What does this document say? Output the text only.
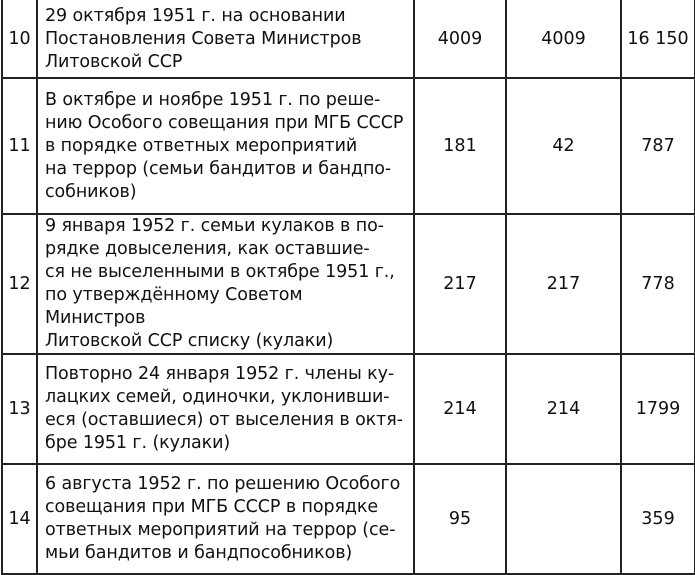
10	29 октября 1951 г. на основании
Постановления Совета Министров
Литовской ССР	4009	4009	16 150
11	В октябре и ноябре 1951 г. по реше-
нию Особого совещания при МГБ СССР
в порядке ответных мероприятий
на террор (семьи бандитов и бандпо-
собников)	181	42	787
12	9 января 1952 г. семьи кулаков в по-
рядке довыселения, как оставшие-
ся не выселенными в октябре 1951 г.,
по утверждённому Советом Министров
Литовской ССР списку (кулаки)	217	217	778
13	Повторно 24 января 1952 г. члены ку-
лацких семей, одиночки, уклонивши-
еся (оставшиеся) от выселения в октя-
бре 1951 г. (кулаки)	214	214	1799
14	6 августа 1952 г. по решению Особого
совещания при МГБ СССР в порядке
ответных мероприятий на террор (се-
мьи бандитов и бандпособников)	95		359
